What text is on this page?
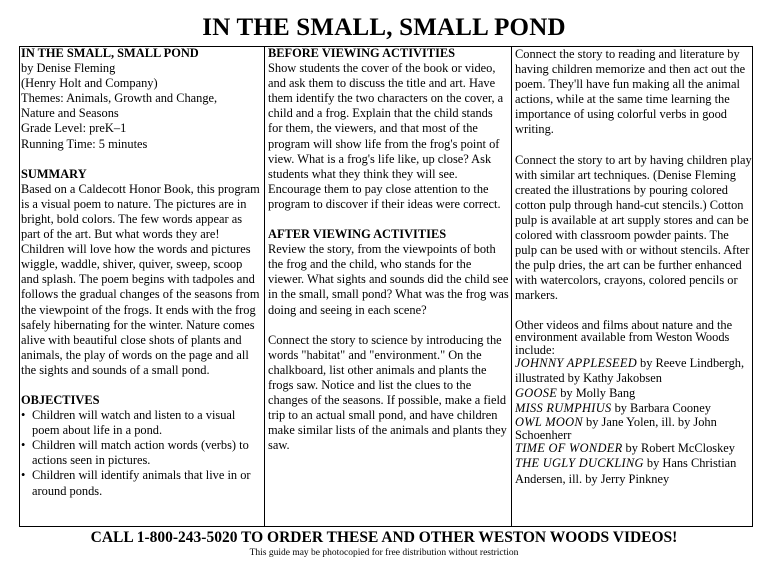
IN THE SMALL, SMALL POND
IN THE SMALL, SMALL POND
by Denise Fleming
(Henry Holt and Company)
Themes: Animals, Growth and Change,
Nature and Seasons
Grade Level: preK–1
Running Time: 5 minutes
SUMMARY
Based on a Caldecott Honor Book, this program is a visual poem to nature. The pictures are in bright, bold colors. The few words appear as part of the art. But what words they are! Children will love how the words and pictures wiggle, waddle, shiver, quiver, sweep, scoop and splash. The poem begins with tadpoles and follows the gradual changes of the seasons from the viewpoint of the frogs. It ends with the frog safely hibernating for the winter. Nature comes alive with beautiful close shots of plants and animals, the play of words on the page and all the sights and sounds of a small pond.
OBJECTIVES
• Children will watch and listen to a visual poem about life in a pond.
• Children will match action words (verbs) to actions seen in pictures.
• Children will identify animals that live in or around ponds.
BEFORE VIEWING ACTIVITIES
Show students the cover of the book or video, and ask them to discuss the title and art. Have them identify the two characters on the cover, a child and a frog. Explain that the child stands for them, the viewers, and that most of the program will show life from the frog's point of view. What is a frog's life like, up close? Ask students what they think they will see. Encourage them to pay close attention to the program to discover if their ideas were correct.
AFTER VIEWING ACTIVITIES
Review the story, from the viewpoints of both the frog and the child, who stands for the viewer. What sights and sounds did the child see in the small, small pond? What was the frog was doing and seeing in each scene?
Connect the story to science by introducing the words "habitat" and "environment." On the chalkboard, list other animals and plants the frogs saw. Notice and list the clues to the changes of the seasons. If possible, make a field trip to an actual small pond, and have children make similar lists of the animals and plants they saw.
Connect the story to reading and literature by having children memorize and then act out the poem. They'll have fun making all the animal actions, while at the same time learning the importance of using colorful verbs in good writing.
Connect the story to art by having children play with similar art techniques. (Denise Fleming created the illustrations by pouring colored cotton pulp through hand-cut stencils.) Cotton pulp is available at art supply stores and can be colored with classroom powder paints. The pulp can be used with or without stencils. After the pulp dries, the art can be further enhanced with watercolors, crayons, colored pencils or markers.
Other videos and films about nature and the environment available from Weston Woods include:
JOHNNY APPLESEED by Reeve Lindbergh, illustrated by Kathy Jakobsen
GOOSE by Molly Bang
MISS RUMPHIUS by Barbara Cooney
OWL MOON by Jane Yolen, ill. by John Schoenherr
TIME OF WONDER by Robert McCloskey
THE UGLY DUCKLING by Hans Christian Andersen, ill. by Jerry Pinkney
CALL 1-800-243-5020 TO ORDER THESE AND OTHER WESTON WOODS VIDEOS!
This guide may be photocopied for free distribution without restriction
